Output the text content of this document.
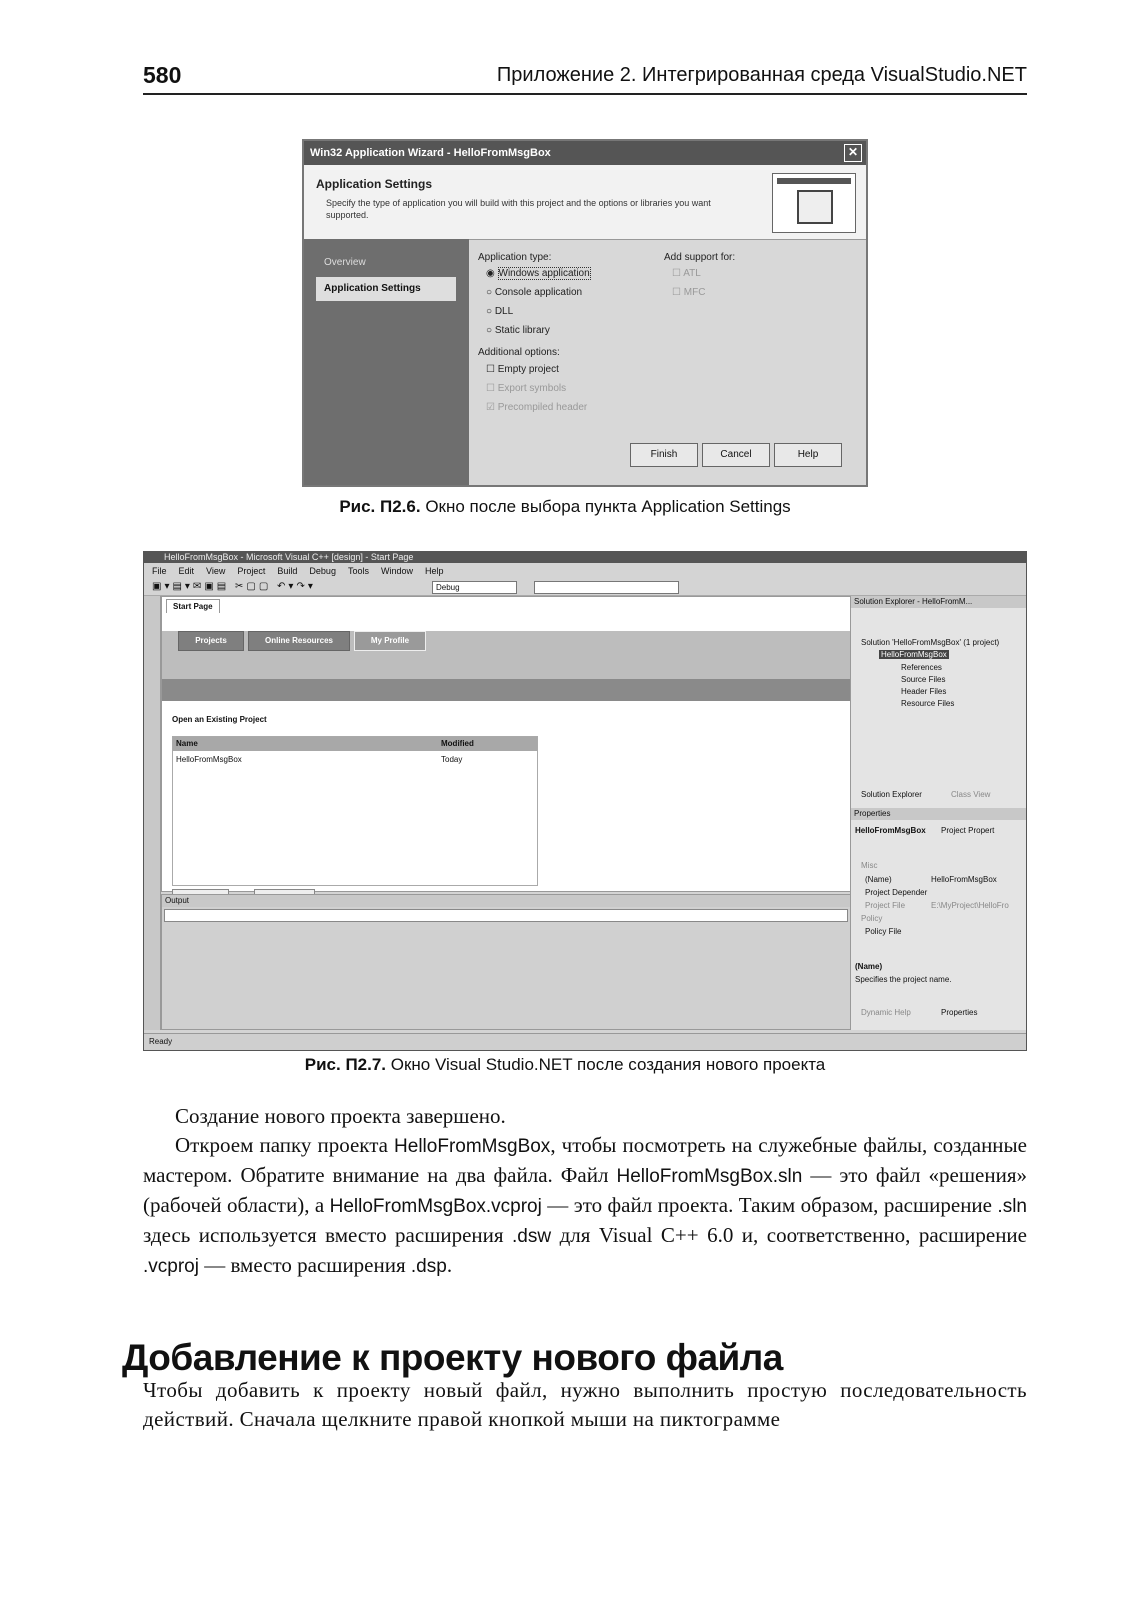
580	Приложение 2. Интегрированная среда VisualStudio.NET
Win32 Application Wizard - HelloFromMsgBox	✕
Application Settings
Specify the type of application you will build with this project and the options or libraries you want supported.
Overview
Application Settings
Application type:
◉ Windows application
○ Console application
○ DLL
○ Static library
Add support for:
☐ ATL
☐ MFC
Additional options:
☐ Empty project
☐ Export symbols
☑ Precompiled header
Finish	Cancel	Help
Рис. П2.6. Окно после выбора пункта Application Settings
HelloFromMsgBox - Microsoft Visual C++ [design] - Start Page
File Edit View Project Build Debug Tools Window Help
▣▾▤▾✉▣▤ ✂▢▢ ↶▾↷▾	Debug
Start Page
Projects	Online Resources	My Profile
Open an Existing Project
Name	Modified
HelloFromMsgBox	Today
Output
Solution Explorer - HelloFromM...
Solution 'HelloFromMsgBox' (1 project)
HelloFromMsgBox
References
Source Files
Header Files
Resource Files
Solution Explorer	Class View
Properties
HelloFromMsgBox Project Propert
Misc
(Name)	HelloFromMsgBox
Project Depender
Project File	E:\MyProject\HelloFro
Policy
Policy File
(Name)
Specifies the project name.
Dynamic Help	Properties
Ready
Рис. П2.7. Окно Visual Studio.NET после создания нового проекта
Создание нового проекта завершено.
Откроем папку проекта HelloFromMsgBox, чтобы посмотреть на служебные файлы, созданные мастером. Обратите внимание на два файла. Файл HelloFromMsgBox.sln — это файл «решения» (рабочей области), а HelloFromMsgBox.vcproj — это файл проекта. Таким образом, расширение .sln здесь используется вместо расширения .dsw для Visual C++ 6.0 и, соответственно, расширение .vcproj — вместо расширения .dsp.
Добавление к проекту нового файла
Чтобы добавить к проекту новый файл, нужно выполнить простую последовательность действий. Сначала щелкните правой кнопкой мыши на пиктограмме
